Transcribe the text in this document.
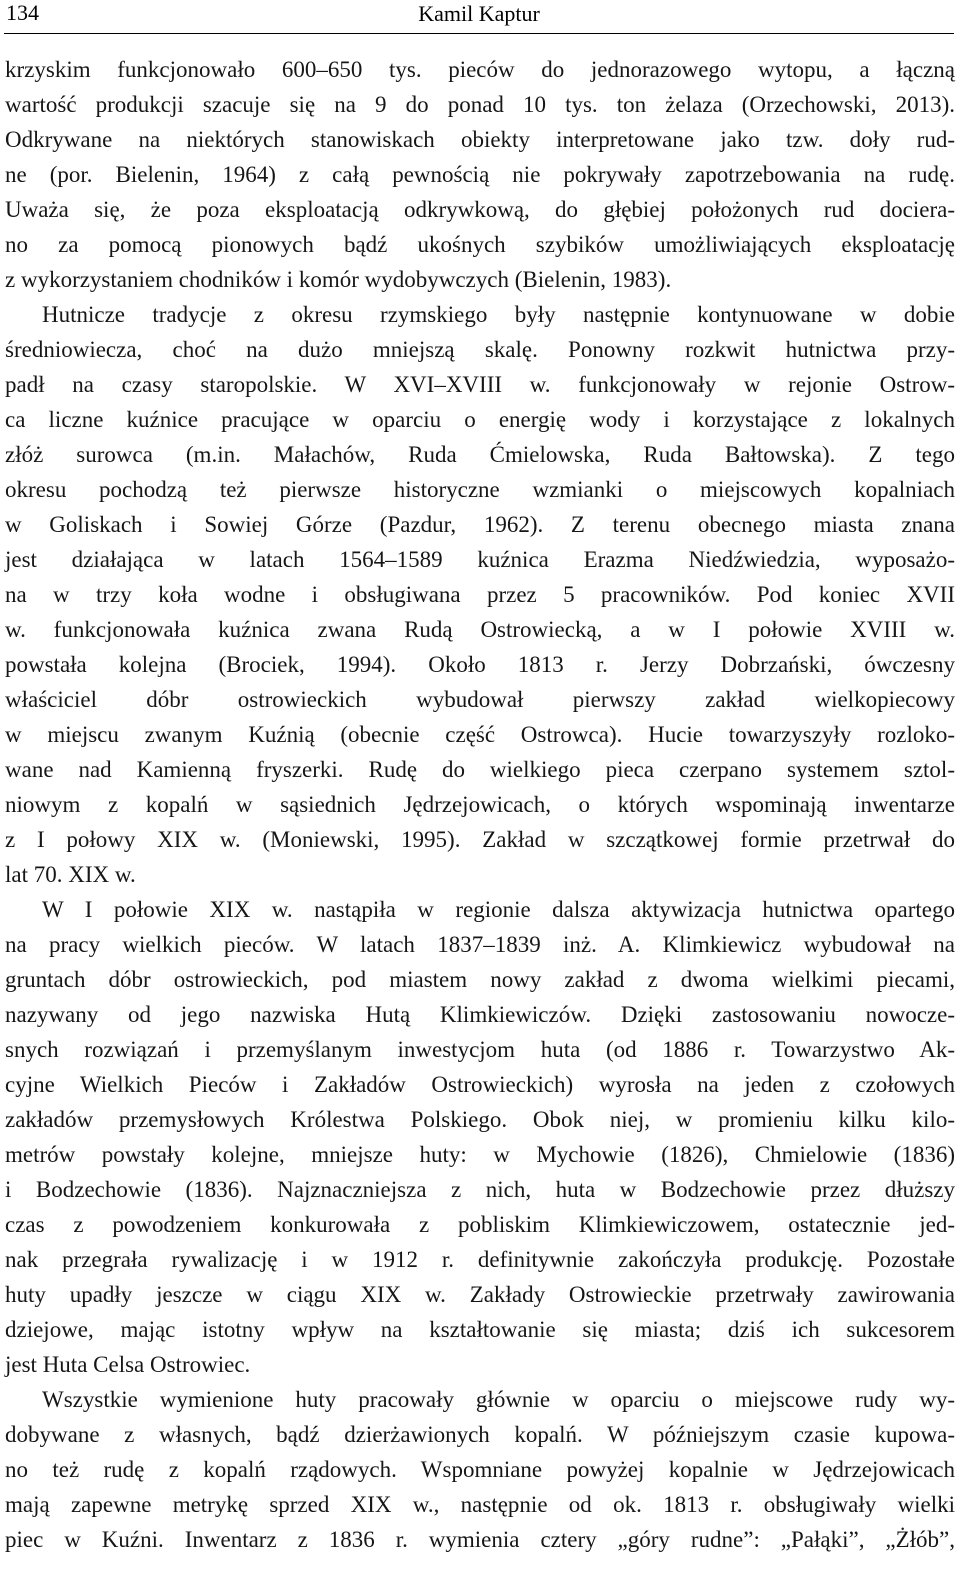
134	Kamil Kaptur

krzyskim funkcjonowało 600–650 tys. pieców do jednorazowego wytopu, a łączną

wartość produkcji szacuje się na 9 do ponad 10 tys. ton żelaza (Orzechowski, 2013).

Odkrywane na niektórych stanowiskach obiekty interpretowane jako tzw. doły rud-

ne (por. Bielenin, 1964) z całą pewnością nie pokrywały zapotrzebowania na rudę.

Uważa się, że poza eksploatacją odkrywkową, do głębiej położonych rud docierа-

no za pomocą pionowych bądź ukośnych szybików umożliwiających eksploatację

z wykorzystaniem chodników i komór wydobywczych (Bielenin, 1983).

Hutnicze tradycje z okresu rzymskiego były następnie kontynuowane w dobie

średniowiecza, choć na dużo mniejszą skalę. Ponowny rozkwit hutnictwa przy-

padł na czasy staropolskie. W XVI–XVIII w. funkcjonowały w rejonie Ostrow-

ca liczne kuźnice pracujące w oparciu o energię wody i korzystające z lokalnych

złóż surowca (m.in. Małachów, Ruda Ćmielowska, Ruda Bałtowska). Z tego

okresu pochodzą też pierwsze historyczne wzmianki o miejscowych kopalniach

w Goliskach i Sowiej Górze (Pazdur, 1962). Z terenu obecnego miasta znana

jest działająca w latach 1564–1589 kuźnica Erazma Niedźwiedzia, wyposażo-

na w trzy koła wodne i obsługiwana przez 5 pracowników. Pod koniec XVII

w. funkcjonowała kuźnica zwana Rudą Ostrowiecką, a w I połowie XVIII w.

powstała kolejna (Brociek, 1994). Około 1813 r. Jerzy Dobrzański, ówczesny

właściciel dóbr ostrowieckich wybudował pierwszy zakład wielkopiecowy

w miejscu zwanym Kuźnią (obecnie część Ostrowca). Hucie towarzyszyły rozloko-

wane nad Kamienną fryszerki. Rudę do wielkiego pieca czerpano systemem sztol-

niowym z kopalń w sąsiednich Jędrzejowicach, o których wspominają inwentarze

z I połowy XIX w. (Moniewski, 1995). Zakład w szczątkowej formie przetrwał do

lat 70. XIX w.

W I połowie XIX w. nastąpiła w regionie dalsza aktywizacja hutnictwa opartego

na pracy wielkich pieców. W latach 1837–1839 inż. A. Klimkiewicz wybudował na

gruntach dóbr ostrowieckich, pod miastem nowy zakład z dwoma wielkimi piecami,

nazywany od jego nazwiska Hutą Klimkiewiczów. Dzięki zastosowaniu nowocze-

snych rozwiązań i przemyślanym inwestycjom huta (od 1886 r. Towarzystwo Ak-

cyjne Wielkich Pieców i Zakładów Ostrowieckich) wyrosła na jeden z czołowych

zakładów przemysłowych Królestwa Polskiego. Obok niej, w promieniu kilku kilo-

metrów powstały kolejne, mniejsze huty: w Mychowie (1826), Chmielowie (1836)

i Bodzechowie (1836). Najznaczniejsza z nich, huta w Bodzechowie przez dłuższy

czas z powodzeniem konkurowała z pobliskim Klimkiewiczowem, ostatecznie jed-

nak przegrała rywalizację i w 1912 r. definitywnie zakończyła produkcję. Pozostałe

huty upadły jeszcze w ciągu XIX w. Zakłady Ostrowieckie przetrwały zawirowania

dziejowe, mając istotny wpływ na kształtowanie się miasta; dziś ich sukcesorem

jest Huta Celsa Ostrowiec.

Wszystkie wymienione huty pracowały głównie w oparciu o miejscowe rudy wy-

dobywane z własnych, bądź dzierżawionych kopalń. W późniejszym czasie kupowa-

no też rudę z kopalń rządowych. Wspomniane powyżej kopalnie w Jędrzejowicach

mają zapewne metrykę sprzed XIX w., następnie od ok. 1813 r. obsługiwały wielki

piec w Kuźni. Inwentarz z 1836 r. wymienia cztery „góry rudne”: „Pałąki”, „Żłób”,
